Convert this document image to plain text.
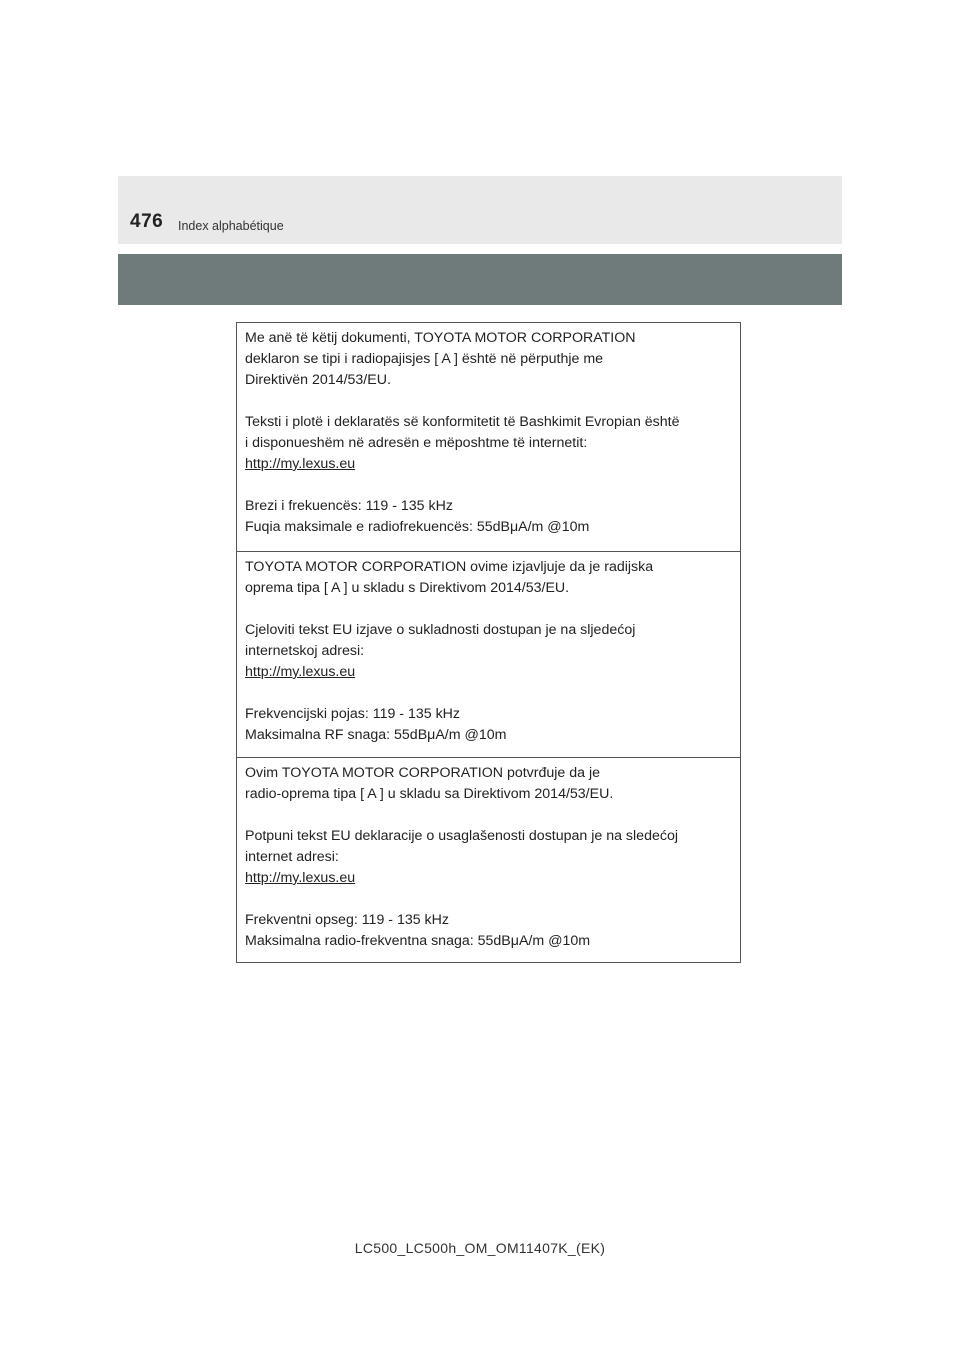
476 Index alphabétique
Me anë të këtij dokumenti, TOYOTA MOTOR CORPORATION
deklaron se tipi i radiopajisjes [ A ] është në përputhje me
Direktivën 2014/53/EU.
Teksti i plotë i deklaratës së konformitetit të Bashkimit Evropian është
i disponueshëm në adresën e mëposhtme të internetit:
http://my.lexus.eu
Brezi i frekuencës: 119 - 135 kHz
Fuqia maksimale e radiofrekuencës: 55dBμA/m @10m
TOYOTA MOTOR CORPORATION ovime izjavljuje da je radijska
oprema tipa [ A ] u skladu s Direktivom 2014/53/EU.
Cjeloviti tekst EU izjave o sukladnosti dostupan je na sljedećoj
internetskoj adresi:
http://my.lexus.eu
Frekvencijski pojas: 119 - 135 kHz
Maksimalna RF snaga: 55dBμA/m @10m
Ovim TOYOTA MOTOR CORPORATION potvrđuje da je
radio-oprema tipa [ A ] u skladu sa Direktivom 2014/53/EU.
Potpuni tekst EU deklaracije o usaglašenosti dostupan je na sledećoj
internet adresi:
http://my.lexus.eu
Frekventni opseg: 119 - 135 kHz
Maksimalna radio-frekventna snaga: 55dBμA/m @10m
LC500_LC500h_OM_OM11407K_(EK)
